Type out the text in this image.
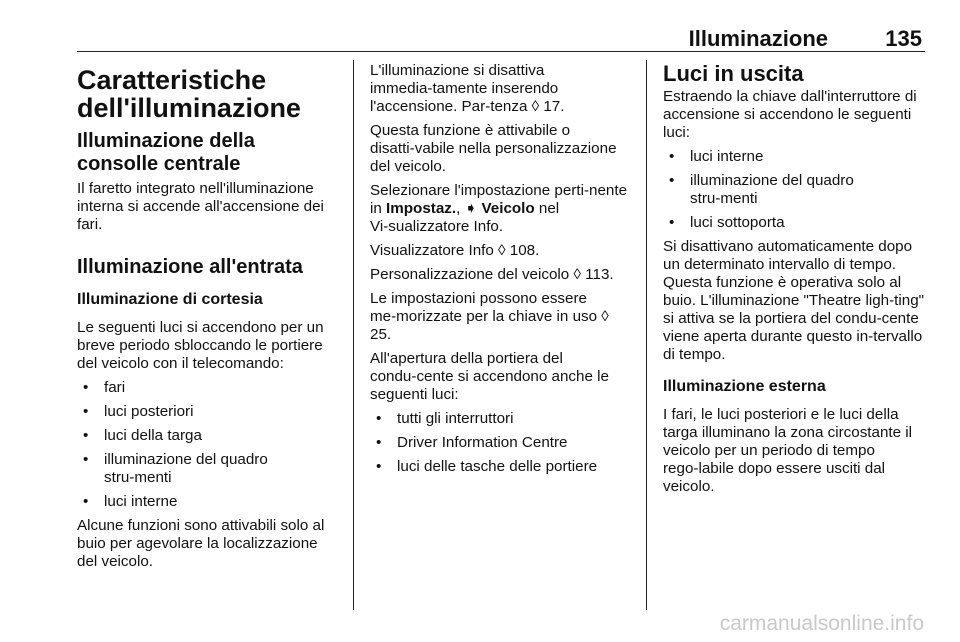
Illuminazione	135
Caratteristiche dell'illuminazione
Illuminazione della consolle centrale

Il faretto integrato nell'illuminazione interna si accende all'accensione dei fari.

Illuminazione all'entrata
Illuminazione di cortesia

Le seguenti luci si accendono per un breve periodo sbloccando le portiere del veicolo con il telecomando:

• fari
• luci posteriori
• luci della targa
• illuminazione del quadro stru‑menti
• luci interne

Alcune funzioni sono attivabili solo al buio per agevolare la localizzazione del veicolo.

L'illuminazione si disattiva immedia‑tamente inserendo l'accensione. Par‑tenza ◊ 17.

Questa funzione è attivabile o disatti‑vabile nella personalizzazione del veicolo.

Selezionare l'impostazione perti‑nente in Impostaz., ➧ Veicolo nel Vi‑sualizzatore Info.

Visualizzatore Info ◊ 108.

Personalizzazione del veicolo ◊ 113.

Le impostazioni possono essere me‑morizzate per la chiave in uso ◊ 25.

All'apertura della portiera del condu‑cente si accendono anche le seguenti luci:

• tutti gli interruttori
• Driver Information Centre
• luci delle tasche delle portiere
Luci in uscita

Estraendo la chiave dall'interruttore di accensione si accendono le seguenti luci:

• luci interne
• illuminazione del quadro stru‑menti
• luci sottoporta

Si disattivano automaticamente dopo un determinato intervallo di tempo. Questa funzione è operativa solo al buio. L'illuminazione "Theatre ligh‑ting" si attiva se la portiera del condu‑cente viene aperta durante questo in‑tervallo di tempo.

Illuminazione esterna

I fari, le luci posteriori e le luci della targa illuminano la zona circostante il veicolo per un periodo di tempo rego‑labile dopo essere usciti dal veicolo.

carmanualsonline.info
